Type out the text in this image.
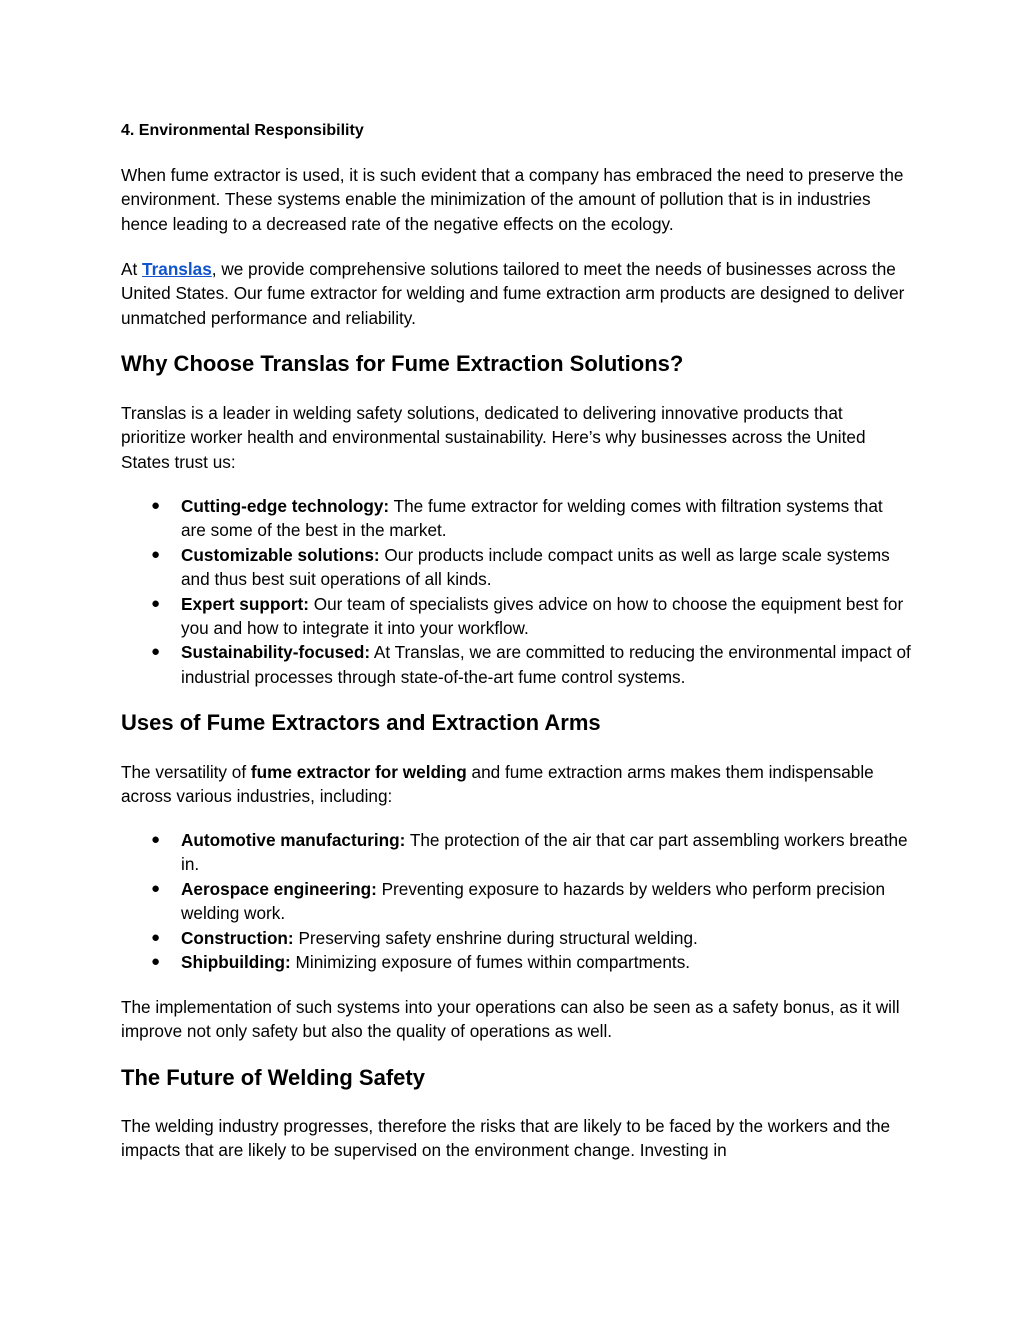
4. Environmental Responsibility
When fume extractor is used, it is such evident that a company has embraced the need to preserve the environment. These systems enable the minimization of the amount of pollution that is in industries hence leading to a decreased rate of the negative effects on the ecology.
At Translas, we provide comprehensive solutions tailored to meet the needs of businesses across the United States. Our fume extractor for welding and fume extraction arm products are designed to deliver unmatched performance and reliability.
Why Choose Translas for Fume Extraction Solutions?
Translas is a leader in welding safety solutions, dedicated to delivering innovative products that prioritize worker health and environmental sustainability. Here’s why businesses across the United States trust us:
● Cutting-edge technology: The fume extractor for welding comes with filtration systems that are some of the best in the market.
● Customizable solutions: Our products include compact units as well as large scale systems and thus best suit operations of all kinds.
● Expert support: Our team of specialists gives advice on how to choose the equipment best for you and how to integrate it into your workflow.
● Sustainability-focused: At Translas, we are committed to reducing the environmental impact of industrial processes through state-of-the-art fume control systems.
Uses of Fume Extractors and Extraction Arms
The versatility of fume extractor for welding and fume extraction arms makes them indispensable across various industries, including:
● Automotive manufacturing: The protection of the air that car part assembling workers breathe in.
● Aerospace engineering: Preventing exposure to hazards by welders who perform precision welding work.
● Construction: Preserving safety enshrine during structural welding.
● Shipbuilding: Minimizing exposure of fumes within compartments.
The implementation of such systems into your operations can also be seen as a safety bonus, as it will improve not only safety but also the quality of operations as well.
The Future of Welding Safety
The welding industry progresses, therefore the risks that are likely to be faced by the workers and the impacts that are likely to be supervised on the environment change. Investing in
